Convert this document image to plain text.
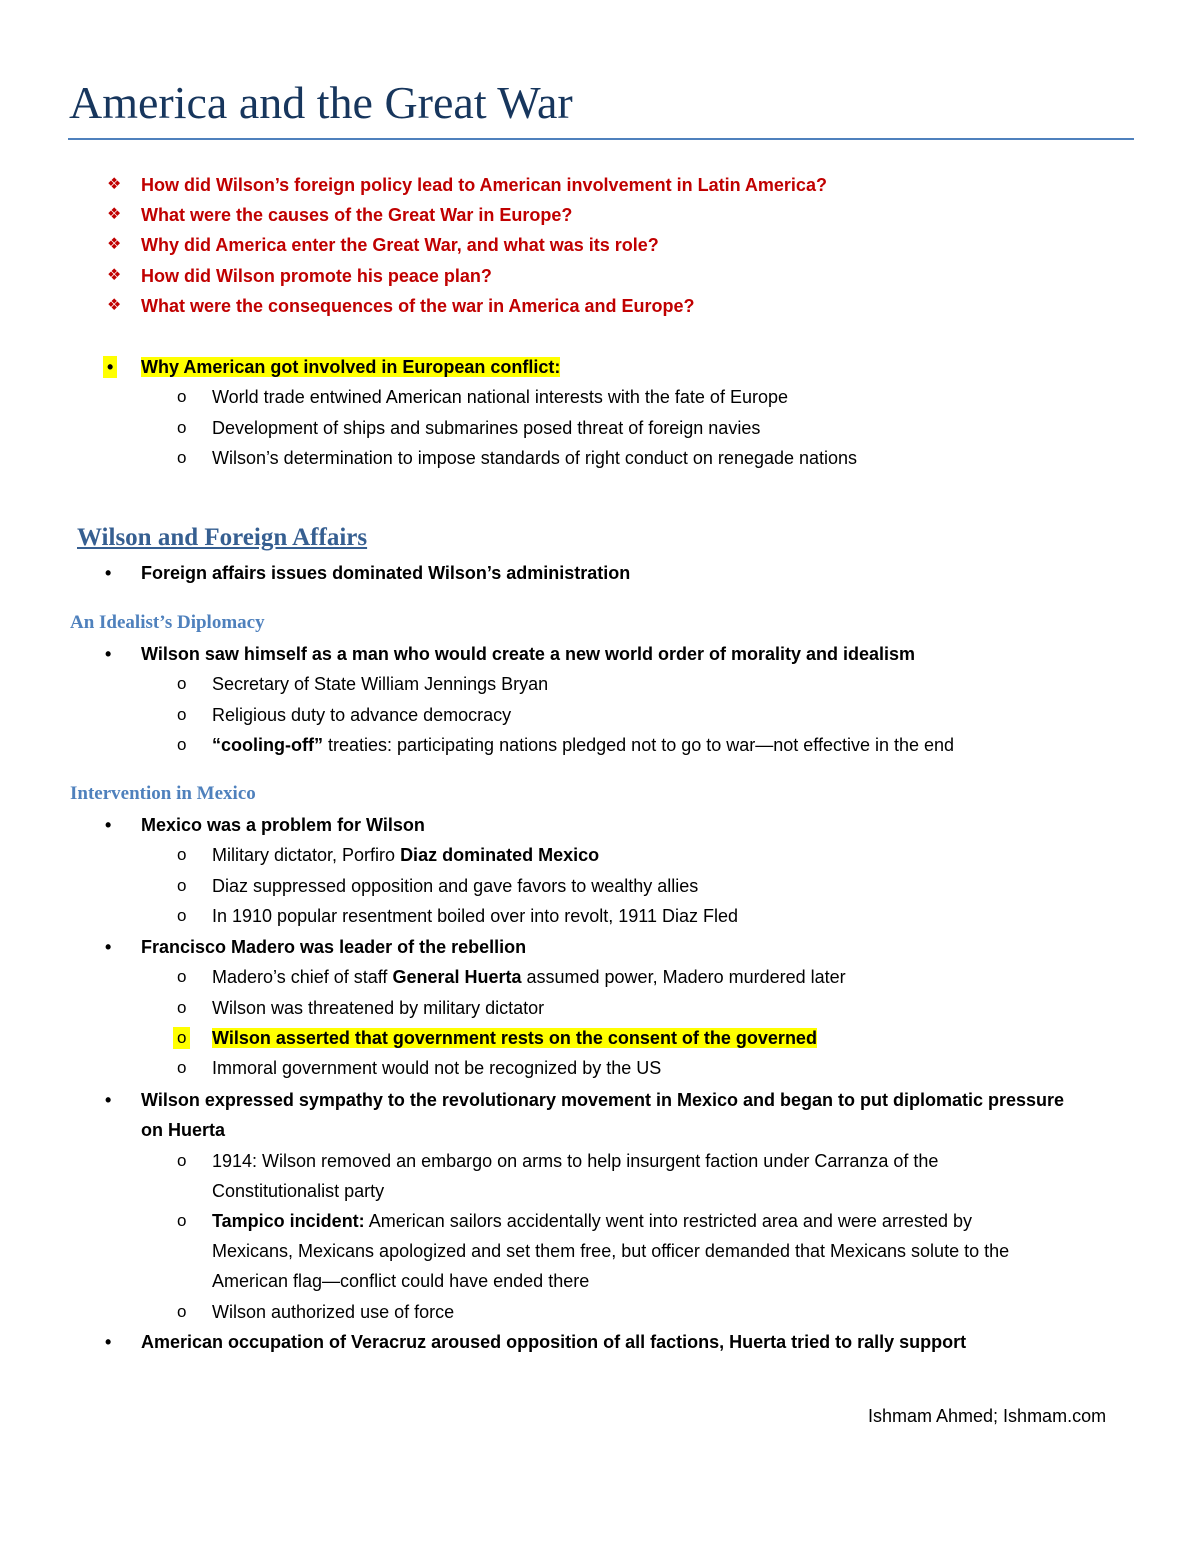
America and the Great War
❖ How did Wilson’s foreign policy lead to American involvement in Latin America?
❖ What were the causes of the Great War in Europe?
❖ Why did America enter the Great War, and what was its role?
❖ How did Wilson promote his peace plan?
❖ What were the consequences of the war in America and Europe?
• Why American got involved in European conflict:
o World trade entwined American national interests with the fate of Europe
o Development of ships and submarines posed threat of foreign navies
o Wilson’s determination to impose standards of right conduct on renegade nations
Wilson and Foreign Affairs
• Foreign affairs issues dominated Wilson’s administration
An Idealist’s Diplomacy
• Wilson saw himself as a man who would create a new world order of morality and idealism
o Secretary of State William Jennings Bryan
o Religious duty to advance democracy
o “cooling-off” treaties: participating nations pledged not to go to war—not effective in the end
Intervention in Mexico
• Mexico was a problem for Wilson
o Military dictator, Porfiro Diaz dominated Mexico
o Diaz suppressed opposition and gave favors to wealthy allies
o In 1910 popular resentment boiled over into revolt, 1911 Diaz Fled
• Francisco Madero was leader of the rebellion
o Madero’s chief of staff General Huerta assumed power, Madero murdered later
o Wilson was threatened by military dictator
o Wilson asserted that government rests on the consent of the governed
o Immoral government would not be recognized by the US
• Wilson expressed sympathy to the revolutionary movement in Mexico and began to put diplomatic pressure
on Huerta
o 1914: Wilson removed an embargo on arms to help insurgent faction under Carranza of the
Constitutionalist party
o Tampico incident: American sailors accidentally went into restricted area and were arrested by
Mexicans, Mexicans apologized and set them free, but officer demanded that Mexicans solute to the
American flag—conflict could have ended there
o Wilson authorized use of force
• American occupation of Veracruz aroused opposition of all factions, Huerta tried to rally support
Ishmam Ahmed; Ishmam.com
